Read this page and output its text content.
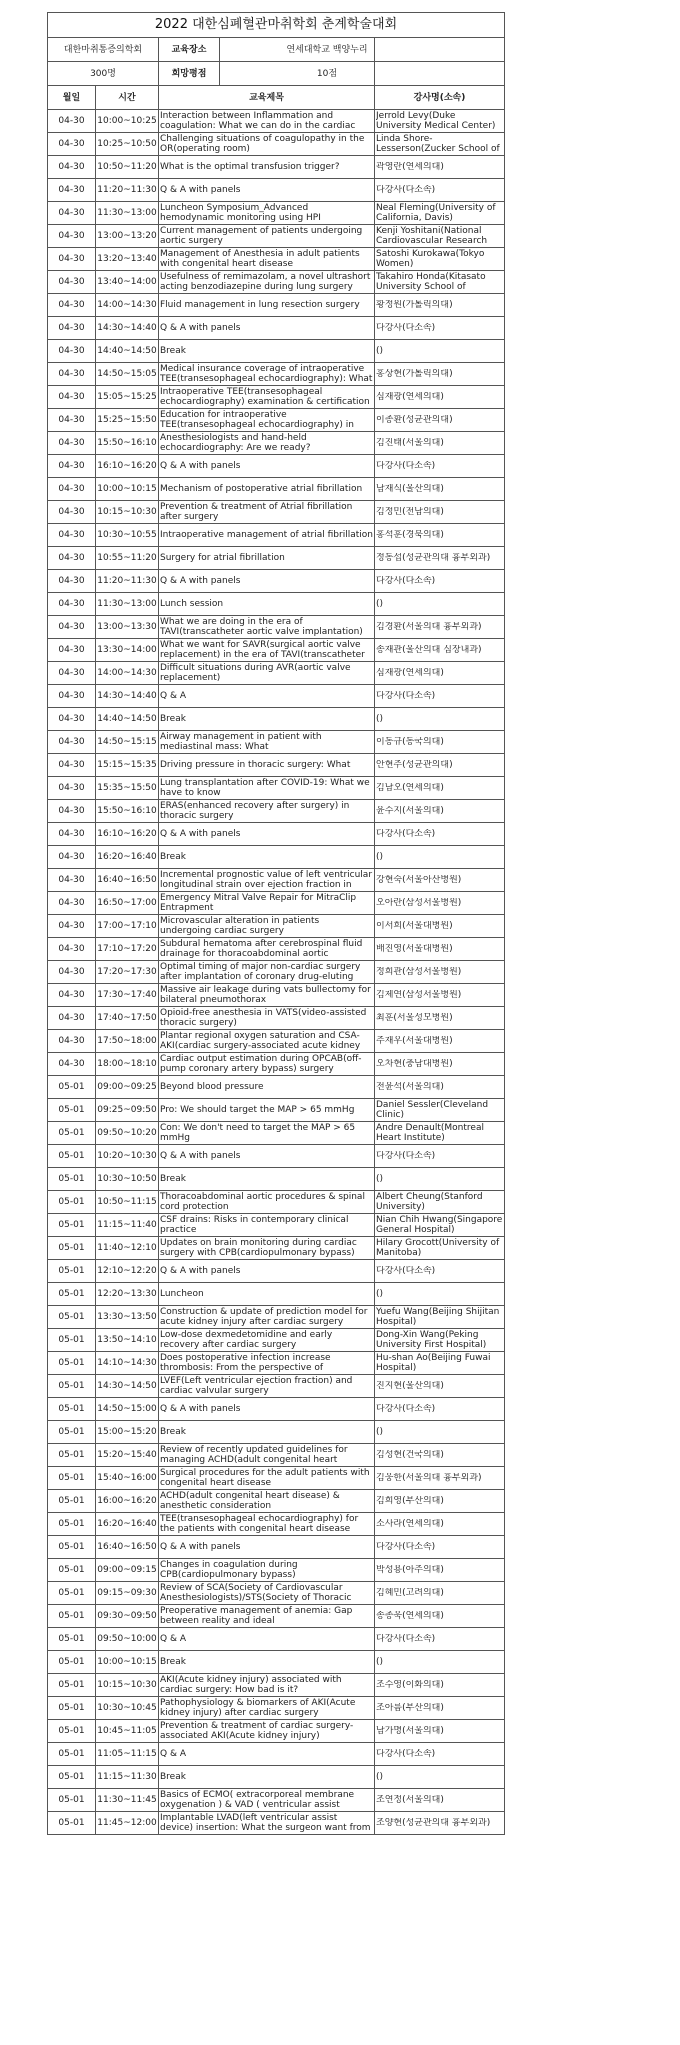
2022 대한심폐혈관마취학회 춘계학술대회			
대한마취통증의학회		교육장소 연세대학교 백양누리	

300명		희망평점 10점	

월일	시간	교육제목	강사명(소속)

04-30	10:00~10:25	Interaction between Inflammation and coagulation: What we can do in the cardiac	Jerrold Levy(Duke University Medical Center)

04-30	10:25~10:50	Challenging situations of coagulopathy in the OR(operating room)	Linda Shore-Lesserson(Zucker School of

04-30	10:50~11:20	What is the optimal transfusion trigger?	곽영란(연세의대)

04-30	11:20~11:30	Q & A with panels	다강사(다소속)

04-30	11:30~13:00	Luncheon Symposium_Advanced hemodynamic monitoring using HPI	Neal Fleming(University of California, Davis)

04-30	13:00~13:20	Current management of patients undergoing aortic surgery	Kenji Yoshitani(National Cardiovascular Research

04-30	13:20~13:40	Management of Anesthesia in adult patients with congenital heart disease	Satoshi Kurokawa(Tokyo Women)

04-30	13:40~14:00	Usefulness of remimazolam, a novel ultrashort acting benzodiazepine during lung surgery	Takahiro Honda(Kitasato University School of

04-30	14:00~14:30	Fluid management in lung resection surgery	황정원(가톨릭의대)

04-30	14:30~14:40	Q & A with panels	다강사(다소속)

04-30	14:40~14:50	Break	()

04-30	14:50~15:05	Medical insurance coverage of intraoperative TEE(transesophageal echocardiography): What	홍상현(가톨릭의대)

04-30	15:05~15:25	Intraoperative TEE(transesophageal echocardiography) examination & certification	심재광(연세의대)

04-30	15:25~15:50	Education for intraoperative TEE(transesophageal echocardiography) in	이종환(성균관의대)

04-30	15:50~16:10	Anesthesiologists and hand-held echocardiography: Are we ready?	김진태(서울의대)

04-30	16:10~16:20	Q & A with panels	다강사(다소속)

04-30	10:00~10:15	Mechanism of postoperative atrial fibrillation	남재식(울산의대)

04-30	10:15~10:30	Prevention & treatment of Atrial fibrillation after surgery	김정민(전남의대)

04-30	10:30~10:55	Intraoperative management of atrial fibrillation	홍석훈(경북의대)

04-30	10:55~11:20	Surgery for atrial fibrillation	정동섭(성균관의대 흉부외과)

04-30	11:20~11:30	Q & A with panels	다강사(다소속)

04-30	11:30~13:00	Lunch session	()

04-30	13:00~13:30	What we are doing in the era of TAVI(transcatheter aortic valve implantation)	김경환(서울의대 흉부외과)

04-30	13:30~14:00	What we want for SAVR(surgical aortic valve replacement) in the era of TAVI(transcatheter	송재관(울산의대 심장내과)

04-30	14:00~14:30	Difficult situations during AVR(aortic valve replacement)	심재광(연세의대)

04-30	14:30~14:40	Q & A	다강사(다소속)

04-30	14:40~14:50	Break	()

04-30	14:50~15:15	Airway management in patient with mediastinal mass: What	이동규(동국의대)

04-30	15:15~15:35	Driving pressure in thoracic surgery: What	안현주(성균관의대)

04-30	15:35~15:50	Lung transplantation after COVID-19: What we have to know	김남오(연세의대)

04-30	15:50~16:10	ERAS(enhanced recovery after surgery) in thoracic surgery	윤수지(서울의대)

04-30	16:10~16:20	Q & A with panels	다강사(다소속)

04-30	16:20~16:40	Break	()

04-30	16:40~16:50	Incremental prognostic value of left ventricular longitudinal strain over ejection fraction in	강현숙(서울아산병원)

04-30	16:50~17:00	Emergency Mitral Valve Repair for MitraClip Entrapment	오아란(삼성서울병원)

04-30	17:00~17:10	Microvascular alteration in patients undergoing cardiac surgery	이서희(서울대병원)

04-30	17:10~17:20	Subdural hematoma after cerebrospinal fluid drainage for thoracoabdominal aortic	배진영(서울대병원)

04-30	17:20~17:30	Optimal timing of major non-cardiac surgery after implantation of coronary drug-eluting	정희관(삼성서울병원)

04-30	17:30~17:40	Massive air leakage during vats bullectomy for bilateral pneumothorax	김제연(삼성서울병원)

04-30	17:40~17:50	Opioid-free anesthesia in VATS(video-assisted thoracic surgery)	최훈(서울성모병원)

04-30	17:50~18:00	Plantar regional oxygen saturation and CSA-AKI(cardiac surgery-associated acute kidney	주재우(서울대병원)

04-30	18:00~18:10	Cardiac output estimation during OPCAB(off-pump coronary artery bypass) surgery	오차현(충남대병원)

05-01	09:00~09:25	Beyond blood pressure	전윤석(서울의대)

05-01	09:25~09:50	Pro: We should target the MAP > 65 mmHg	Daniel Sessler(Cleveland Clinic)

05-01	09:50~10:20	Con: We don't need to target the MAP > 65 mmHg	Andre Denault(Montreal Heart Institute)

05-01	10:20~10:30	Q & A with panels	다강사(다소속)

05-01	10:30~10:50	Break	()

05-01	10:50~11:15	Thoracoabdominal aortic procedures & spinal cord protection	Albert Cheung(Stanford University)

05-01	11:15~11:40	CSF drains: Risks in contemporary clinical practice	Nian Chih Hwang(Singapore General Hospital)

05-01	11:40~12:10	Updates on brain monitoring during cardiac surgery with CPB(cardiopulmonary bypass)	Hilary Grocott(University of Manitoba)

05-01	12:10~12:20	Q & A with panels	다강사(다소속)

05-01	12:20~13:30	Luncheon	()

05-01	13:30~13:50	Construction & update of prediction model for acute kidney injury after cardiac surgery	Yuefu Wang(Beijing Shijitan Hospital)

05-01	13:50~14:10	Low-dose dexmedetomidine and early recovery after cardiac surgery	Dong-Xin Wang(Peking University First Hospital)

05-01	14:10~14:30	Does postoperative infection increase thrombosis: From the perspective of	Hu-shan Ao(Beijing Fuwai Hospital)

05-01	14:30~14:50	LVEF(Left ventricular ejection fraction) and cardiac valvular surgery	진지현(울산의대)

05-01	14:50~15:00	Q & A with panels	다강사(다소속)

05-01	15:00~15:20	Break	()

05-01	15:20~15:40	Review of recently updated guidelines for managing ACHD(adult congenital heart	김성현(건국의대)

05-01	15:40~16:00	Surgical procedures for the adult patients with congenital heart disease	김웅한(서울의대 흉부외과)

05-01	16:00~16:20	ACHD(adult congenital heart disease) & anesthetic consideration	김희영(부산의대)

05-01	16:20~16:40	TEE(transesophageal echocardiography) for the patients with congenital heart disease	소사라(연세의대)

05-01	16:40~16:50	Q & A with panels	다강사(다소속)

05-01	09:00~09:15	Changes in coagulation during CPB(cardiopulmonary bypass)	박성용(아주의대)

05-01	09:15~09:30	Review of SCA(Society of Cardiovascular Anesthesiologists)/STS(Society of Thoracic	김혜민(고려의대)

05-01	09:30~09:50	Preoperative management of anemia: Gap between reality and ideal	송종욱(연세의대)

05-01	09:50~10:00	Q & A	다강사(다소속)

05-01	10:00~10:15	Break	()

05-01	10:15~10:30	AKI(Acute kidney injury) associated with cardiac surgery: How bad is it?	조수영(이화의대)

05-01	10:30~10:45	Pathophysiology & biomarkers of AKI(Acute kidney injury) after cardiac surgery	조아름(부산의대)

05-01	10:45~11:05	Prevention & treatment of cardiac surgery-associated AKI(Acute kidney injury)	남가명(서울의대)

05-01	11:05~11:15	Q & A	다강사(다소속)

05-01	11:15~11:30	Break	()

05-01	11:30~11:45	Basics of ECMO( extracorporeal membrane oxygenation ) & VAD ( ventricular assist	조연정(서울의대)

05-01	11:45~12:00	Implantable LVAD(left ventricular assist device) insertion: What the surgeon want from	조양현(성균관의대 흉부외과)
